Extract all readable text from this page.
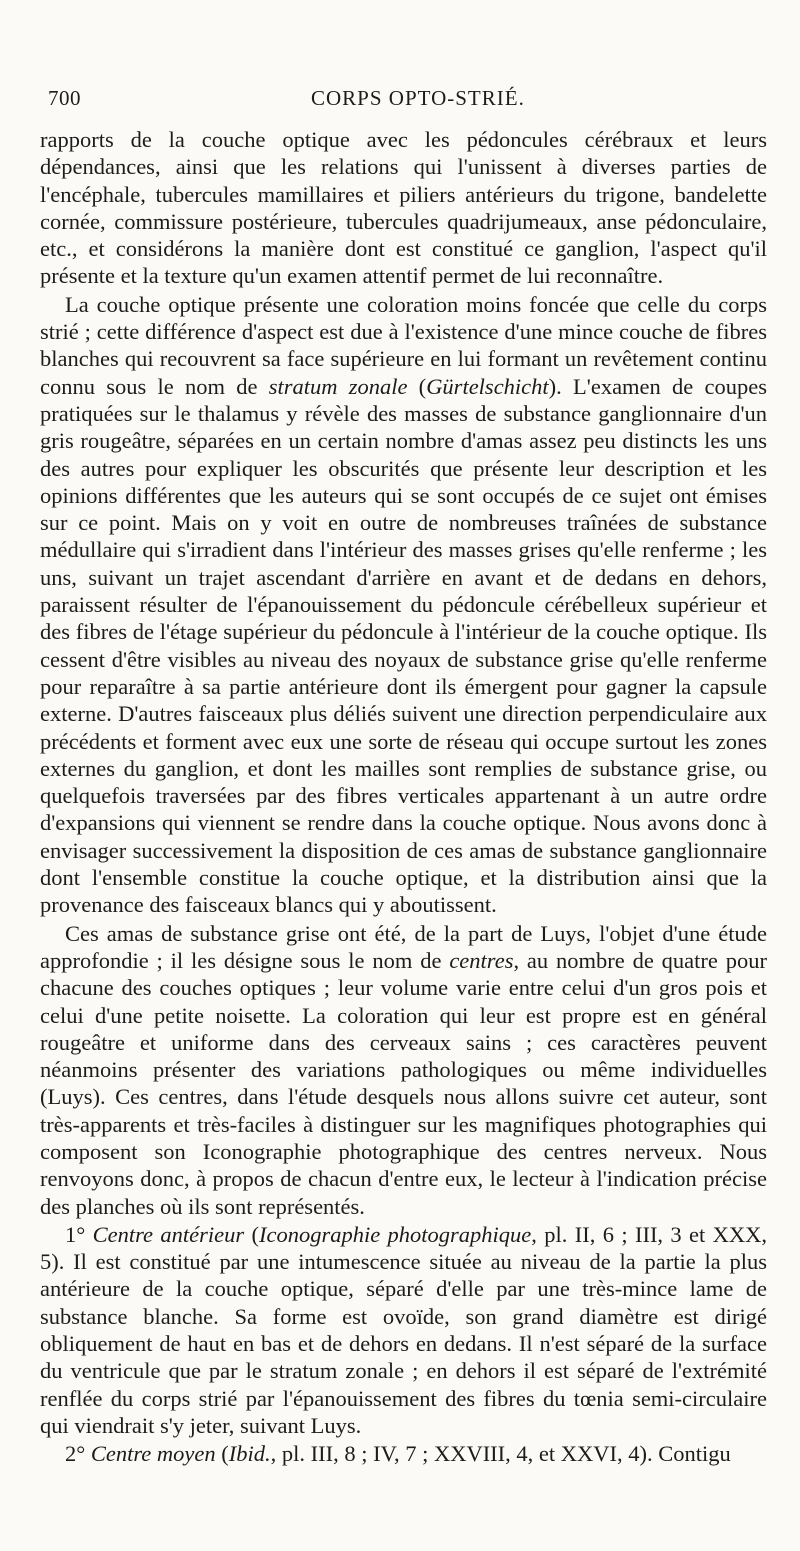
700	CORPS OPTO-STRIÉ.

rapports de la couche optique avec les pédoncules cérébraux et leurs dépendances, ainsi que les relations qui l'unissent à diverses parties de l'encéphale, tubercules mamillaires et piliers antérieurs du trigone, bandelette cornée, commissure postérieure, tubercules quadrijumeaux, anse pédonculaire, etc., et considérons la manière dont est constitué ce ganglion, l'aspect qu'il présente et la texture qu'un examen attentif permet de lui reconnaître.

La couche optique présente une coloration moins foncée que celle du corps strié ; cette différence d'aspect est due à l'existence d'une mince couche de fibres blanches qui recouvrent sa face supérieure en lui formant un revêtement continu connu sous le nom de stratum zonale (Gürtelschicht). L'examen de coupes pratiquées sur le thalamus y révèle des masses de substance ganglionnaire d'un gris rougeâtre, séparées en un certain nombre d'amas assez peu distincts les uns des autres pour expliquer les obscurités que présente leur description et les opinions différentes que les auteurs qui se sont occupés de ce sujet ont émises sur ce point. Mais on y voit en outre de nombreuses traînées de substance médullaire qui s'irradient dans l'intérieur des masses grises qu'elle renferme ; les uns, suivant un trajet ascendant d'arrière en avant et de dedans en dehors, paraissent résulter de l'épanouissement du pédoncule cérébelleux supérieur et des fibres de l'étage supérieur du pédoncule à l'intérieur de la couche optique. Ils cessent d'être visibles au niveau des noyaux de substance grise qu'elle renferme pour reparaître à sa partie antérieure dont ils émergent pour gagner la capsule externe. D'autres faisceaux plus déliés suivent une direction perpendiculaire aux précédents et forment avec eux une sorte de réseau qui occupe surtout les zones externes du ganglion, et dont les mailles sont remplies de substance grise, ou quelquefois traversées par des fibres verticales appartenant à un autre ordre d'expansions qui viennent se rendre dans la couche optique. Nous avons donc à envisager successivement la disposition de ces amas de substance ganglionnaire dont l'ensemble constitue la couche optique, et la distribution ainsi que la provenance des faisceaux blancs qui y aboutissent.

Ces amas de substance grise ont été, de la part de Luys, l'objet d'une étude approfondie ; il les désigne sous le nom de centres, au nombre de quatre pour chacune des couches optiques ; leur volume varie entre celui d'un gros pois et celui d'une petite noisette. La coloration qui leur est propre est en général rougeâtre et uniforme dans des cerveaux sains ; ces caractères peuvent néanmoins présenter des variations pathologiques ou même individuelles (Luys). Ces centres, dans l'étude desquels nous allons suivre cet auteur, sont très-apparents et très-faciles à distinguer sur les magnifiques photographies qui composent son Iconographie photographique des centres nerveux. Nous renvoyons donc, à propos de chacun d'entre eux, le lecteur à l'indication précise des planches où ils sont représentés.

1° Centre antérieur (Iconographie photographique, pl. II, 6 ; III, 3 et XXX, 5). Il est constitué par une intumescence située au niveau de la partie la plus antérieure de la couche optique, séparé d'elle par une très-mince lame de substance blanche. Sa forme est ovoïde, son grand diamètre est dirigé obliquement de haut en bas et de dehors en dedans. Il n'est séparé de la surface du ventricule que par le stratum zonale ; en dehors il est séparé de l'extrémité renflée du corps strié par l'épanouissement des fibres du tœnia semi-circulaire qui viendrait s'y jeter, suivant Luys.

2° Centre moyen (Ibid., pl. III, 8 ; IV, 7 ; XXVIII, 4, et XXVI, 4). Contigu
